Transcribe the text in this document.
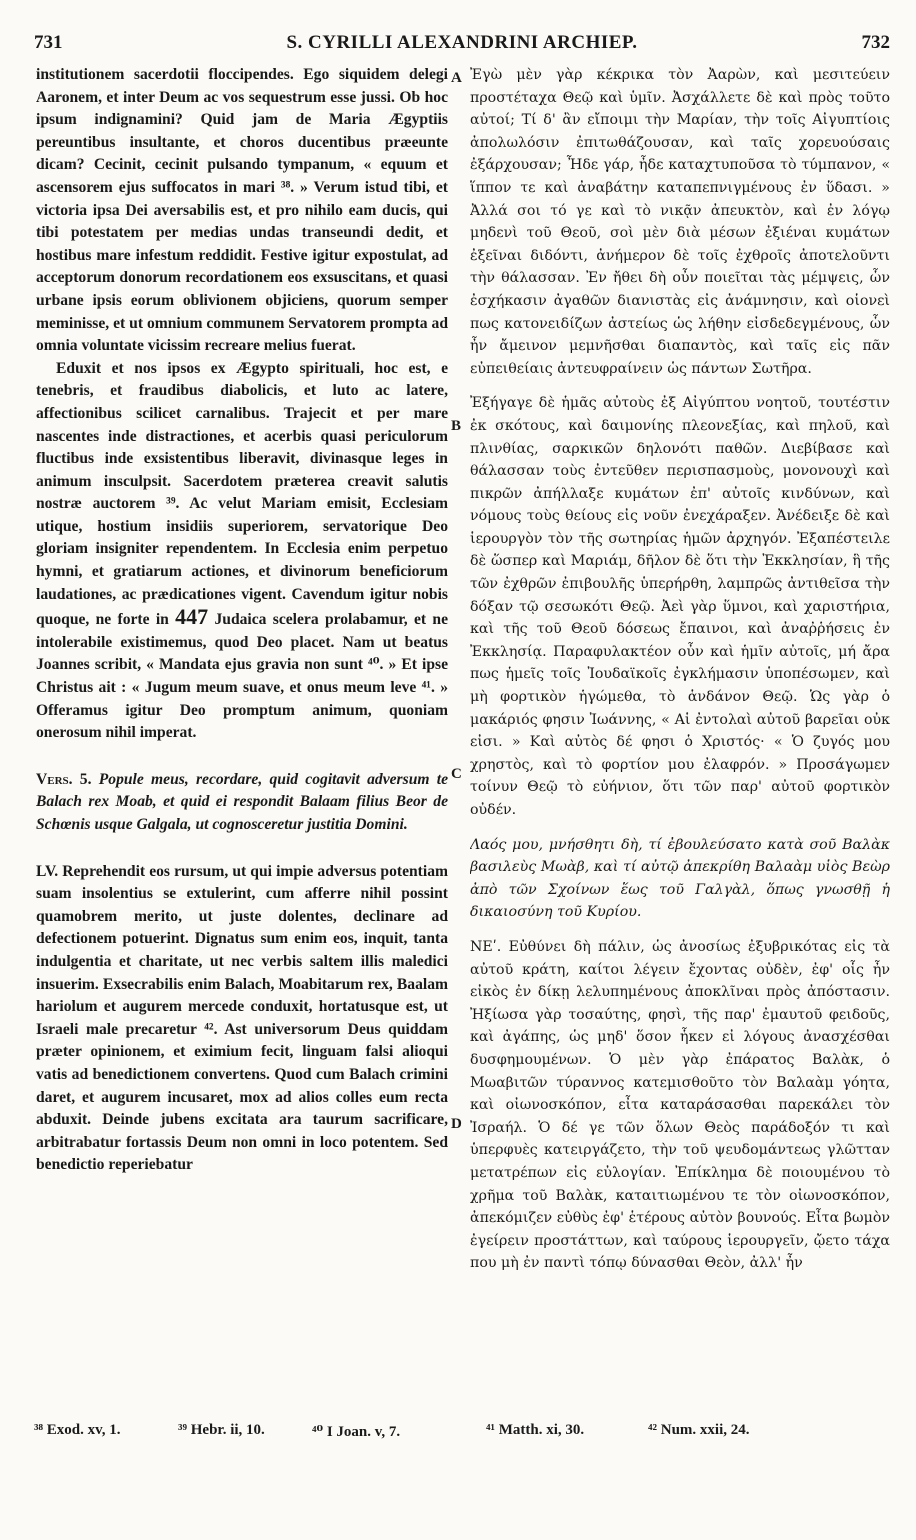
731	S. CYRILLI ALEXANDRINI ARCHIEP.	732
A
B
C
D

institutionem sacerdotii floccipendes. Ego siquidem delegi Aaronem, et inter Deum ac vos sequestrum esse jussi. Ob hoc ipsum indignamini? Quid jam de Maria Ægyptiis pereuntibus insultante, et choros ducentibus præeunte dicam? Cecinit, cecinit pulsando tympanum, « equum et ascensorem ejus suffocatos in mari ³⁸. » Verum istud tibi, et victoria ipsa Dei aversabilis est, et pro nihilo eam ducis, qui tibi potestatem per medias undas transeundi dedit, et hostibus mare infestum reddidit. Festive igitur expostulat, ad acceptorum donorum recordationem eos exsuscitans, et quasi urbane ipsis eorum oblivionem objiciens, quorum semper meminisse, et ut omnium communem Servatorem prompta ad omnia voluntate vicissim recreare melius fuerat.

Eduxit et nos ipsos ex Ægypto spirituali, hoc est, e tenebris, et fraudibus diabolicis, et luto ac latere, affectionibus scilicet carnalibus. Trajecit et per mare nascentes inde distractiones, et acerbis quasi periculorum fluctibus inde exsistentibus liberavit, divinasque leges in animum insculpsit. Sacerdotem prætereа creavit salutis nostræ auctorem ³⁹. Ac velut Mariam emisit, Ecclesiam utique, hostium insidiis superiorem, servatorique Deo gloriam insigniter rependentem. In Ecclesia enim perpetuo hymni, et gratiarum actiones, et divinorum beneficiorum laudationes, ac prædicationes vigent. Cavendum igitur nobis quoque, ne forte in 447 Judaica scelera prolabamur, et ne intolerabile existimemus, quod Deo placet. Nam ut beatus Joannes scribit, « Mandata ejus gravia non sunt ⁴⁰. » Et ipse Christus ait : « Jugum meum suave, et onus meum leve ⁴¹. » Offeramus igitur Deo promptum animum, quoniam onerosum nihil imperat.

Vers. 5. Popule meus, recordare, quid cogitavit adversum te Balach rex Moab, et quid ei respondit Balaam filius Beor de Schœnis usque Galgala, ut cognosceretur justitia Domini.

LV. Reprehendit eos rursum, ut qui impie adversus potentiam suam insolentius se extulerint, cum afferre nihil possint quamobrem merito, ut juste dolentes, declinare ad defectionem potuerint. Dignatus sum enim eos, inquit, tanta indulgentia et charitate, ut nec verbis saltem illis maledici insuerim. Exsecrabilis enim Balach, Moabitarum rex, Baalam hariolum et augurem mercede conduxit, hortatusque est, ut Israeli male precaretur ⁴². Ast universorum Deus quiddam præter opinionem, et eximium fecit, linguam falsi alioqui vatis ad benedictionem convertens. Quod cum Balach crimini daret, et augurem incusaret, mox ad alios colles eum recta abduxit. Deinde jubens excitata ara taurum sacrificare, arbitrabatur fortassis Deum non omni in loco potentem. Sed benedictio reperiebatur

Ἐγὼ μὲν γὰρ κέκρικα τὸν Ἀαρὼν, καὶ μεσιτεύειν προστέταχα Θεῷ καὶ ὑμῖν. Ἀσχάλλετε δὲ καὶ πρὸς τοῦτο αὐτοί; Τί δ' ἂν εἴποιμι τὴν Μαρίαν, τὴν τοῖς Αἰγυπτίοις ἀπολωλόσιν ἐπιτωθάζουσαν, καὶ ταῖς χορευούσαις ἐξάρχουσαν; Ἦδε γάρ, ἦδε καταχτυποῦσα τὸ τύμπανον, « ἵππον τε καὶ ἀναβάτην καταπεπνιγμένους ἐν ὕδασι. » Ἀλλά σοι τό γε καὶ τὸ νικᾷν ἀπευκτὸν, καὶ ἐν λόγῳ μηδενὶ τοῦ Θεοῦ, σοὶ μὲν διὰ μέσων ἐξιέναι κυμάτων ἐξεῖναι διδόντι, ἀνήμερον δὲ τοῖς ἐχθροῖς ἀποτελοῦντι τὴν θάλασσαν. Ἐν ἤθει δὴ οὖν ποιεῖται τὰς μέμψεις, ὧν ἐσχήκασιν ἀγαθῶν διανιστὰς εἰς ἀνάμνησιν, καὶ οἱονεὶ πως κατονειδίζων ἀστείως ὡς λήθην εἰσδεδεγμένους, ὧν ἦν ἄμεινον μεμνῆσθαι διαπαντὸς, καὶ ταῖς εἰς πᾶν εὐπειθείαις ἀντευφραίνειν ὡς πάντων Σωτῆρα.

Ἐξήγαγε δὲ ἡμᾶς αὐτοὺς ἐξ Αἰγύπτου νοητοῦ, τουτέστιν ἐκ σκότους, καὶ δαιμονίης πλεονεξίας, καὶ πηλοῦ, καὶ πλινθίας, σαρκικῶν δηλονότι παθῶν. Διεβίβασε καὶ θάλασσαν τοὺς ἐντεῦθεν περισπασμοὺς, μονονουχὶ καὶ πικρῶν ἀπήλλαξε κυμάτων ἐπ' αὐτοῖς κινδύνων, καὶ νόμους τοὺς θείους εἰς νοῦν ἐνεχάραξεν. Ἀνέδειξε δὲ καὶ ἱερουργὸν τὸν τῆς σωτηρίας ἡμῶν ἀρχηγόν. Ἐξαπέστειλε δὲ ὥσπερ καὶ Μαριάμ, δῆλον δὲ ὅτι τὴν Ἐκκλησίαν, ἣ τῆς τῶν ἐχθρῶν ἐπιβουλῆς ὑπερήρθη, λαμπρῶς ἀντιθεῖσα τὴν δόξαν τῷ σεσωκότι Θεῷ. Ἀεὶ γὰρ ὕμνοι, καὶ χαριστήρια, καὶ τῆς τοῦ Θεοῦ δόσεως ἔπαινοι, καὶ ἀναῤῥήσεις ἐν Ἐκκλησίᾳ. Παραφυλακτέον οὖν καὶ ἡμῖν αὐτοῖς, μή ἄρα πως ἡμεῖς τοῖς Ἰουδαϊκοῖς ἐγκλήμασιν ὑποπέσωμεν, καὶ μὴ φορτικὸν ἡγώμεθα, τὸ ἁνδάνον Θεῷ. Ὡς γὰρ ὁ μακάριός φησιν Ἰωάννης, « Αἱ ἐντολαὶ αὐτοῦ βαρεῖαι οὐκ εἰσι. » Καὶ αὐτὸς δέ φησι ὁ Χριστός· « Ὁ ζυγός μου χρηστὸς, καὶ τὸ φορτίον μου ἐλαφρόν. » Προσάγωμεν τοίνυν Θεῷ τὸ εὐήνιον, ὅτι τῶν παρ' αὐτοῦ φορτικὸν οὐδέν.

Λαός μου, μνήσθητι δὴ, τί ἐβουλεύσατο κατὰ σοῦ Βαλὰκ βασιλεὺς Μωὰβ, καὶ τί αὐτῷ ἀπεκρίθη Βαλαὰμ υἱὸς Βεὼρ ἀπὸ τῶν Σχοίνων ἕως τοῦ Γαλγὰλ, ὅπως γνωσθῇ ἡ δικαιοσύνη τοῦ Κυρίου.

ΝΕʹ. Εὐθύνει δὴ πάλιν, ὡς ἀνοσίως ἐξυβρικότας εἰς τὰ αὐτοῦ κράτη, καίτοι λέγειν ἔχοντας οὐδὲν, ἐφ' οἷς ἦν εἰκὸς ἐν δίκῃ λελυπημένους ἀποκλῖναι πρὸς ἀπόστασιν. Ἠξίωσα γὰρ τοσαύτης, φησὶ, τῆς παρ' ἐμαυτοῦ φειδοῦς, καὶ ἀγάπης, ὡς μηδ' ὅσον ἧκεν εἰ λόγους ἀνασχέσθαι δυσφημουμένων. Ὁ μὲν γὰρ ἐπάρατος Βαλὰκ, ὁ Μωαβιτῶν τύραννος κατεμισθοῦτο τὸν Βαλαὰμ γόητα, καὶ οἰωνοσκόπον, εἶτα καταράσασθαι παρεκάλει τὸν Ἰσραήλ. Ὁ δέ γε τῶν ὅλων Θεὸς παράδοξόν τι καὶ ὑπερφυὲς κατειργάζετο, τὴν τοῦ ψευδομάντεως γλῶτταν μετατρέπων εἰς εὐλογίαν. Ἐπίκλημα δὲ ποιουμένου τὸ χρῆμα τοῦ Βαλὰκ, καταιτιωμένου τε τὸν οἰωνοσκόπον, ἀπεκόμιζεν εὐθὺς ἐφ' ἑτέρους αὐτὸν βουνούς. Εἶτα βωμὸν ἐγείρειν προστάττων, καὶ ταύρους ἱερουργεῖν, ᾤετο τάχα που μὴ ἐν παντὶ τόπῳ δύνασθαι Θεὸν, ἀλλ' ἦν

³⁸ Exod. xv, 1.	³⁹ Hebr. ii, 10.	⁴⁰ I Joan. v, 7.	⁴¹ Matth. xi, 30.	⁴² Num. xxii, 24.
